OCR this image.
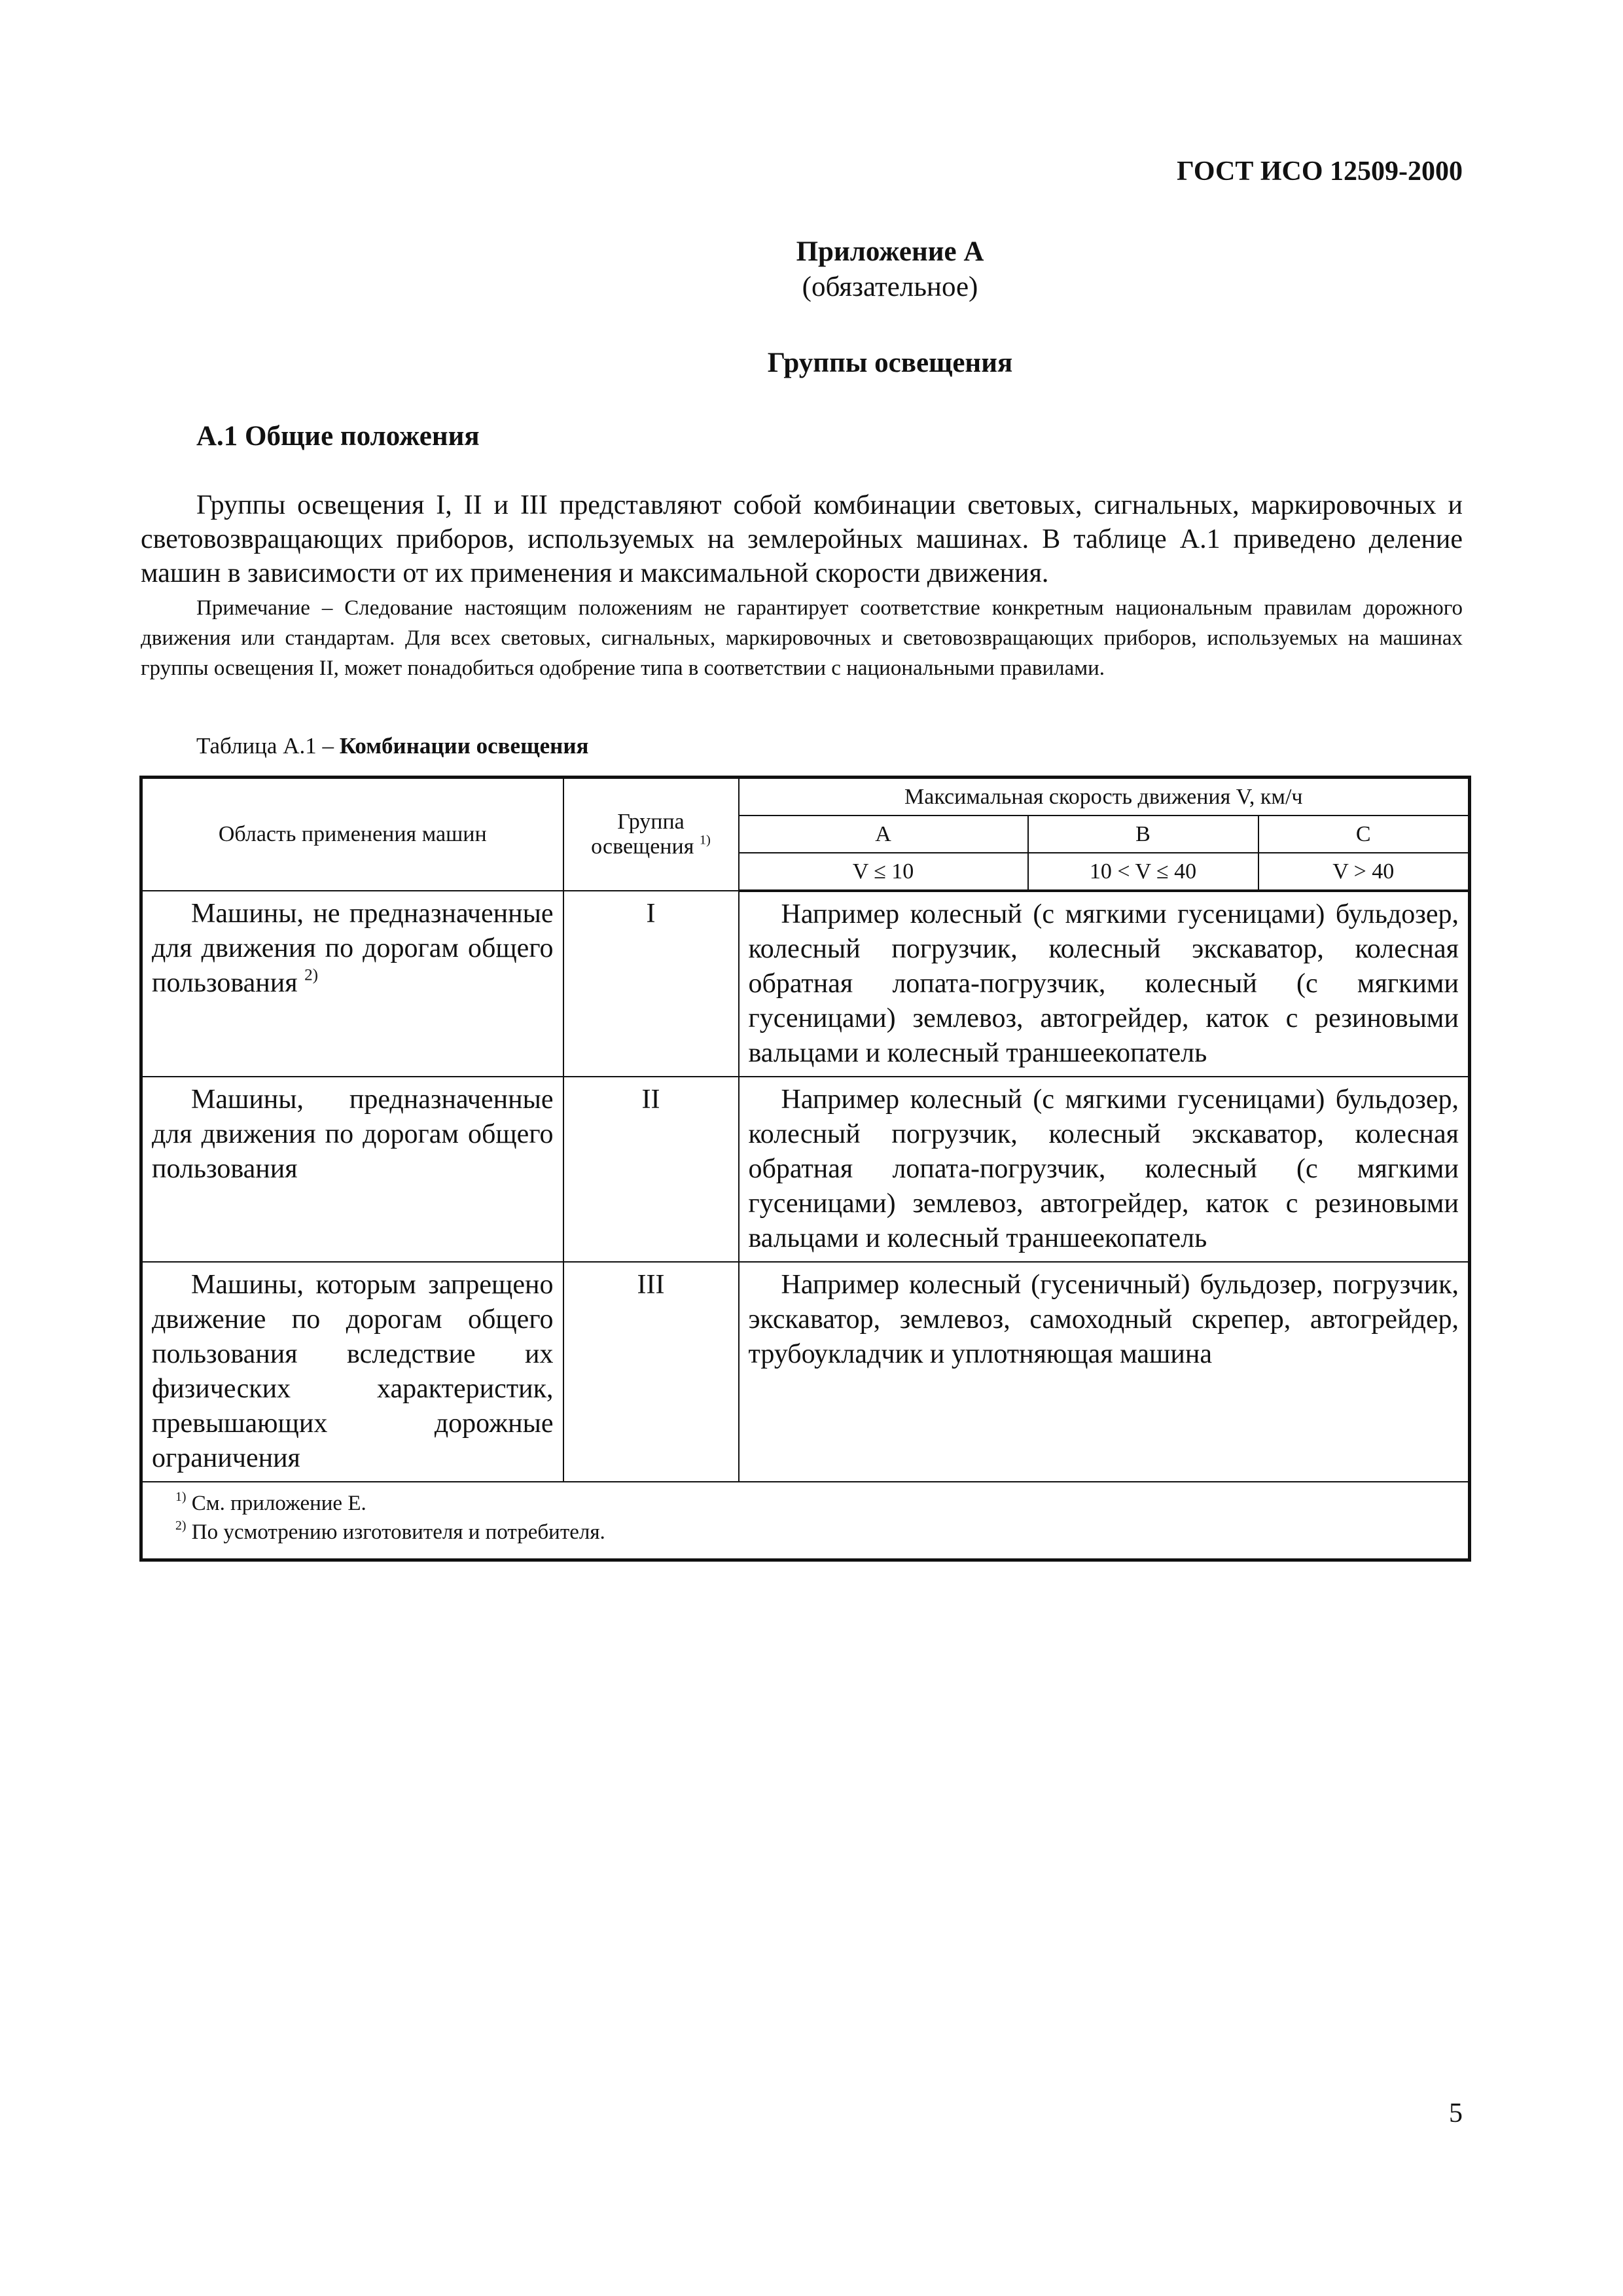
ГОСТ ИСО 12509-2000
Приложение А
(обязательное)
Группы освещения
А.1 Общие положения

Группы освещения I, II и III представляют собой комбинации световых, сигнальных, маркировочных и световозвращающих приборов, используемых на землеройных машинах. В таблице А.1 приведено деление машин в зависимости от их применения и максимальной скорости движения.

Примечание – Следование настоящим положениям не гарантирует соответствие конкретным национальным правилам дорожного движения или стандартам. Для всех световых, сигнальных, маркировочных и световозвращающих приборов, используемых на машинах группы освещения II, может понадобиться одобрение типа в соответствии с национальными правилами.

Таблица А.1 – Комбинации освещения
Область применения машин	Группа освещения $^{1)}$	Максимальная скорость движения V, км/ч		
		A	B	C
		V ≤ 10	10 < V ≤ 40	V > 40
Машины, не предназначенные для движения по дорогам общего пользования $^{2)}$	I	Например колесный (с мягкими гусеницами) бульдозер, колесный погрузчик, колесный экскаватор, колесная обратная лопата-погрузчик, колесный (с мягкими гусеницами) землевоз, автогрейдер, каток с резиновыми вальцами и колесный траншеекопатель		
Машины, предназначенные для движения по дорогам общего пользования	II	Например колесный (с мягкими гусеницами) бульдозер, колесный погрузчик, колесный экскаватор, колесная обратная лопата-погрузчик, колесный (с мягкими гусеницами) землевоз, автогрейдер, каток с резиновыми вальцами и колесный траншеекопатель		
Машины, которым запрещено движение по дорогам общего пользования вследствие их физических характеристик, превышающих дорожные ограничения	III	Например колесный (гусеничный) бульдозер, погрузчик, экскаватор, землевоз, самоходный скрепер, автогрейдер, трубоукладчик и уплотняющая машина		

$^{1)}$ См. приложение Е.
$^{2)}$ По усмотрению изготовителя и потребителя.				
5
